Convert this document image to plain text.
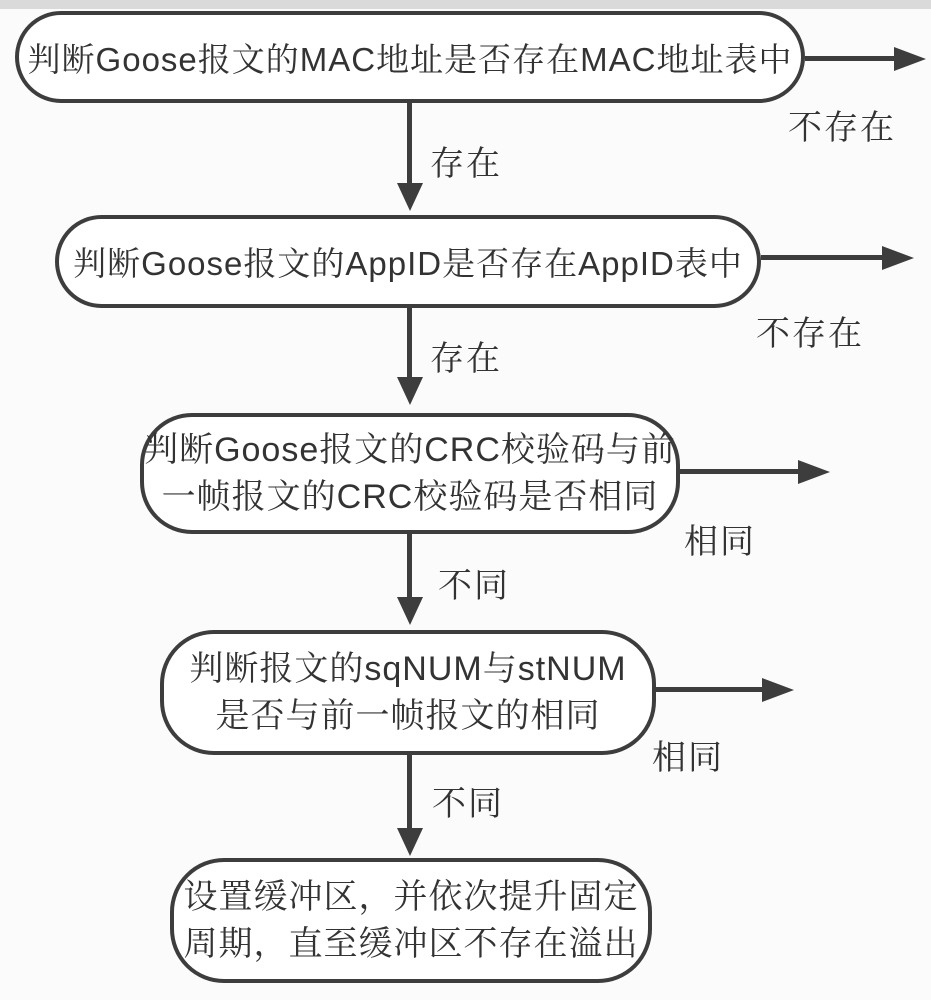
判断Goose报文的MAC地址是否存在MAC地址表中
判断Goose报文的AppID是否存在AppID表中
判断Goose报文的CRC校验码与前
一帧报文的CRC校验码是否相同
判断报文的sqNUM与stNUM
是否与前一帧报文的相同
设置缓冲区，并依次提升固定
周期，直至缓冲区不存在溢出
存在
不存在
存在
不存在
不同
相同
不同
相同
